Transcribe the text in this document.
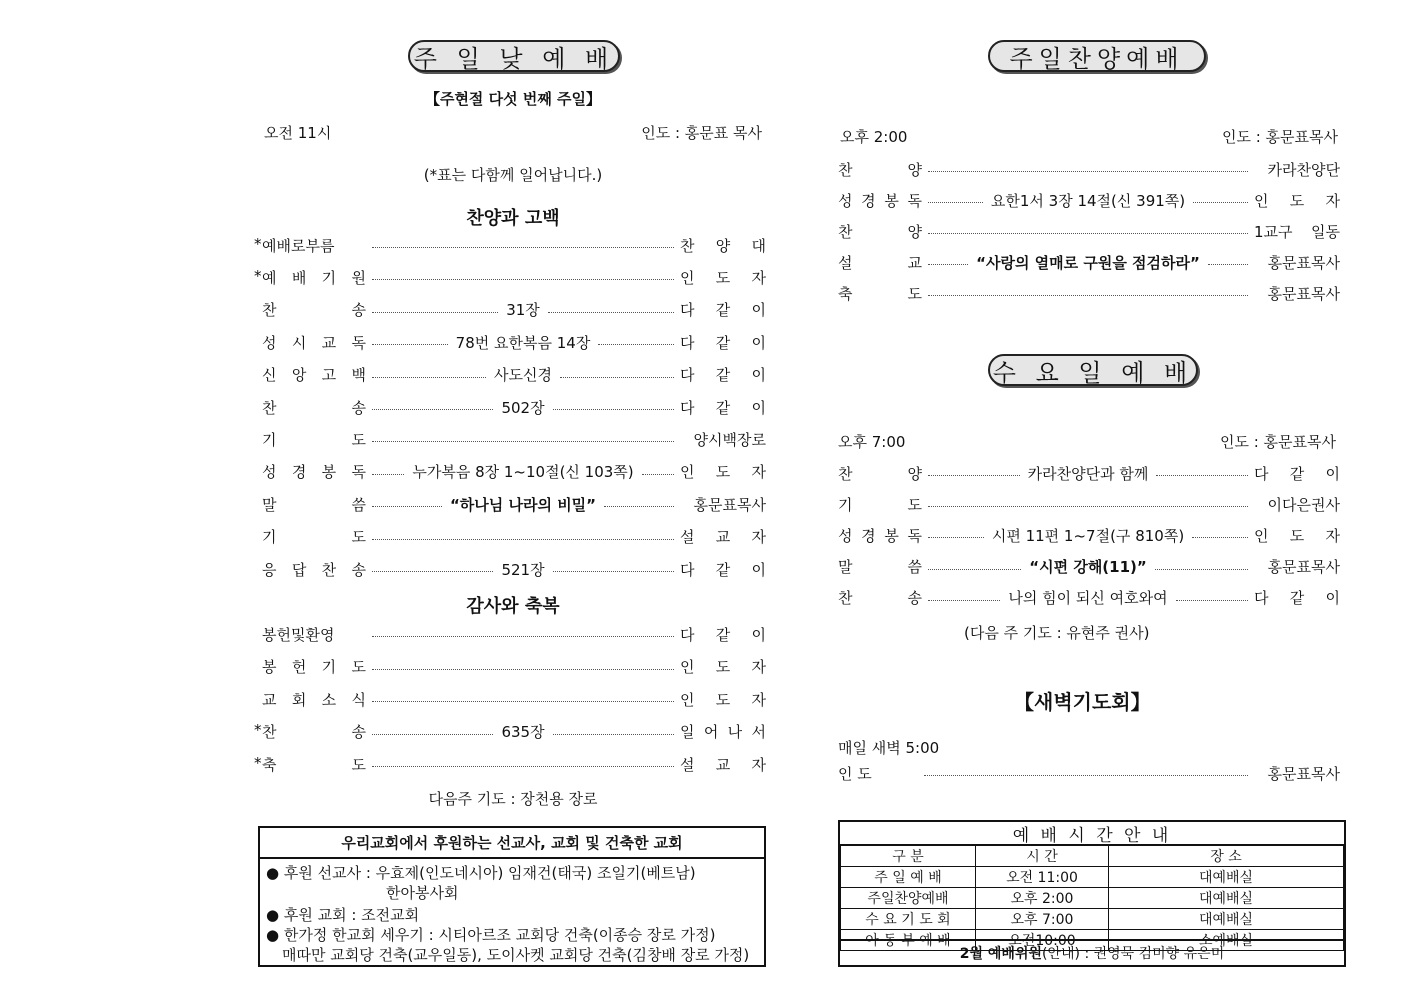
주 일 낮 예 배
【주현절 다섯 번째 주일】
오전 11시	인도 : 홍문표 목사
(*표는 다함께 일어납니다.)
찬양과 고백
* 예배로부름	찬 양 대
* 예 배 기 원	인 도 자
찬	송	31장	다 같 이
성 시 교 독	78번 요한복음 14장	다 같 이
신 앙 고 백	사도신경	다 같 이
찬	송	502장	다 같 이
기	도	양시백장로
성 경 봉 독	누가복음 8장 1~10절(신 103쪽)	인 도 자
말	씀	“하나님 나라의 비밀”	홍문표목사
기	도	설 교 자
응 답 찬 송	521장	다 같 이
감사와 축복
봉헌및환영	다 같 이
봉 헌 기 도	인 도 자
교 회 소 식	인 도 자
* 찬	송	635장	일 어 나 서
* 축	도	설 교 자
다음주 기도 : 장천용 장로
우리교회에서 후원하는 선교사, 교회 및 건축한 교회
● 후원 선교사 : 우효제(인도네시아) 임재건(태국) 조일기(베트남)
한아봉사회
● 후원 교회 : 조전교회
● 한가정 한교회 세우기 : 시티아르조 교회당 건축(이종승 장로 가정)
매따만 교회당 건축(교우일동), 도이사켓 교회당 건축(김창배 장로 가정)
주일찬양예배
오후 2:00	인도 : 홍문표목사
찬	양	카라찬양단
성 경 봉 독	요한1서 3장 14절(신 391쪽)	인 도 자
찬	양	1교구 일동
설	교	“사랑의 열매로 구원을 점검하라”	홍문표목사
축	도	홍문표목사
수 요 일 예 배
오후 7:00	인도 : 홍문표목사
찬	양	카라찬양단과 함께	다 같 이
기	도	이다은권사
성 경 봉 독	시편 11편 1~7절(구 810쪽)	인 도 자
말	씀	“시편 강해(11)”	홍문표목사
찬	송	나의 힘이 되신 여호와여	다 같 이
(다음 주 기도 : 유현주 권사)
【새벽기도회】
매일 새벽 5:00
인 도	홍문표목사
예 배 시 간 안 내
구 분	시 간	장 소
주 일 예 배	오전 11:00	대예배실
주일찬양예배	오후 2:00	대예배실
수 요 기 도 회	오후 7:00	대예배실
아 동 부 예 배	오전10:00	소예배실
2월 예배위원 (안내) : 권영묵 김미향 유은미
